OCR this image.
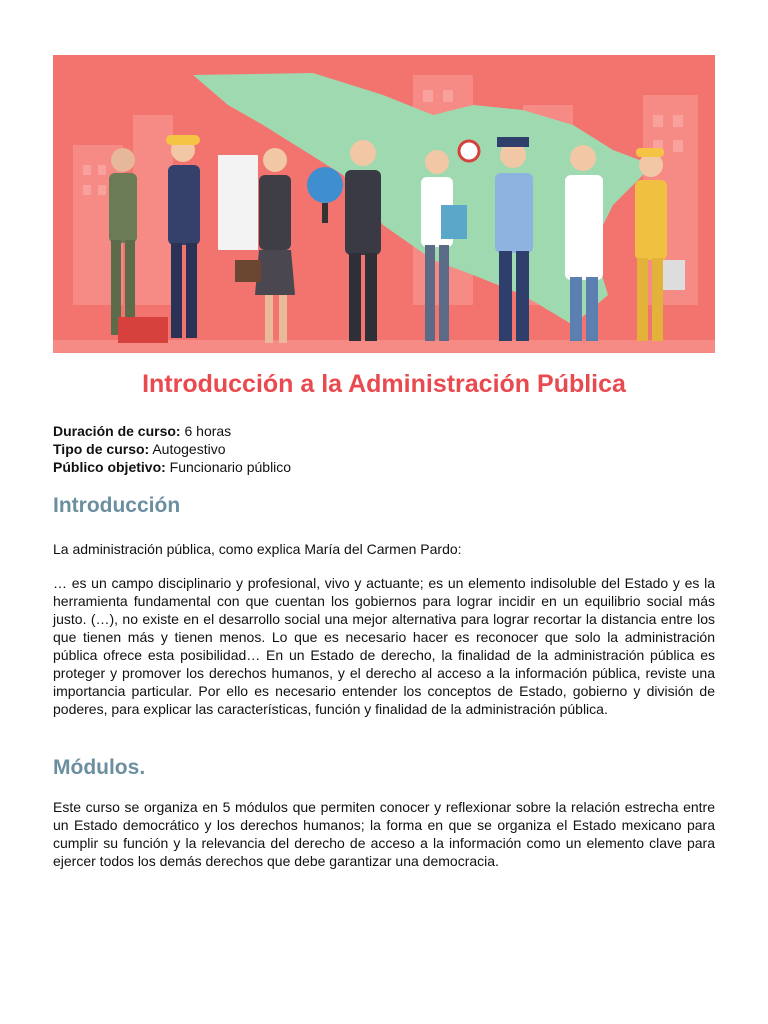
Introducción a la Administración Pública
Duración de curso: 6 horas
Tipo de curso: Autogestivo
Público objetivo: Funcionario público
Introducción

La administración pública, como explica María del Carmen Pardo:

… es un campo disciplinario y profesional, vivo y actuante; es un elemento indisoluble del Estado y es la herramienta fundamental con que cuentan los gobiernos para lograr incidir en un equilibrio social más justo. (…), no existe en el desarrollo social una mejor alternativa para lograr recortar la distancia entre los que tienen más y tienen menos. Lo que es necesario hacer es reconocer que solo la administración pública ofrece esta posibilidad… En un Estado de derecho, la finalidad de la administración pública es proteger y promover los derechos humanos, y el derecho al acceso a la información pública, reviste una importancia particular. Por ello es necesario entender los conceptos de Estado, gobierno y división de poderes, para explicar las características, función y finalidad de la administración pública.

Módulos.

Este curso se organiza en 5 módulos que permiten conocer y reflexionar sobre la relación estrecha entre un Estado democrático y los derechos humanos; la forma en que se organiza el Estado mexicano para cumplir su función y la relevancia del derecho de acceso a la información como un elemento clave para ejercer todos los demás derechos que debe garantizar una democracia.
